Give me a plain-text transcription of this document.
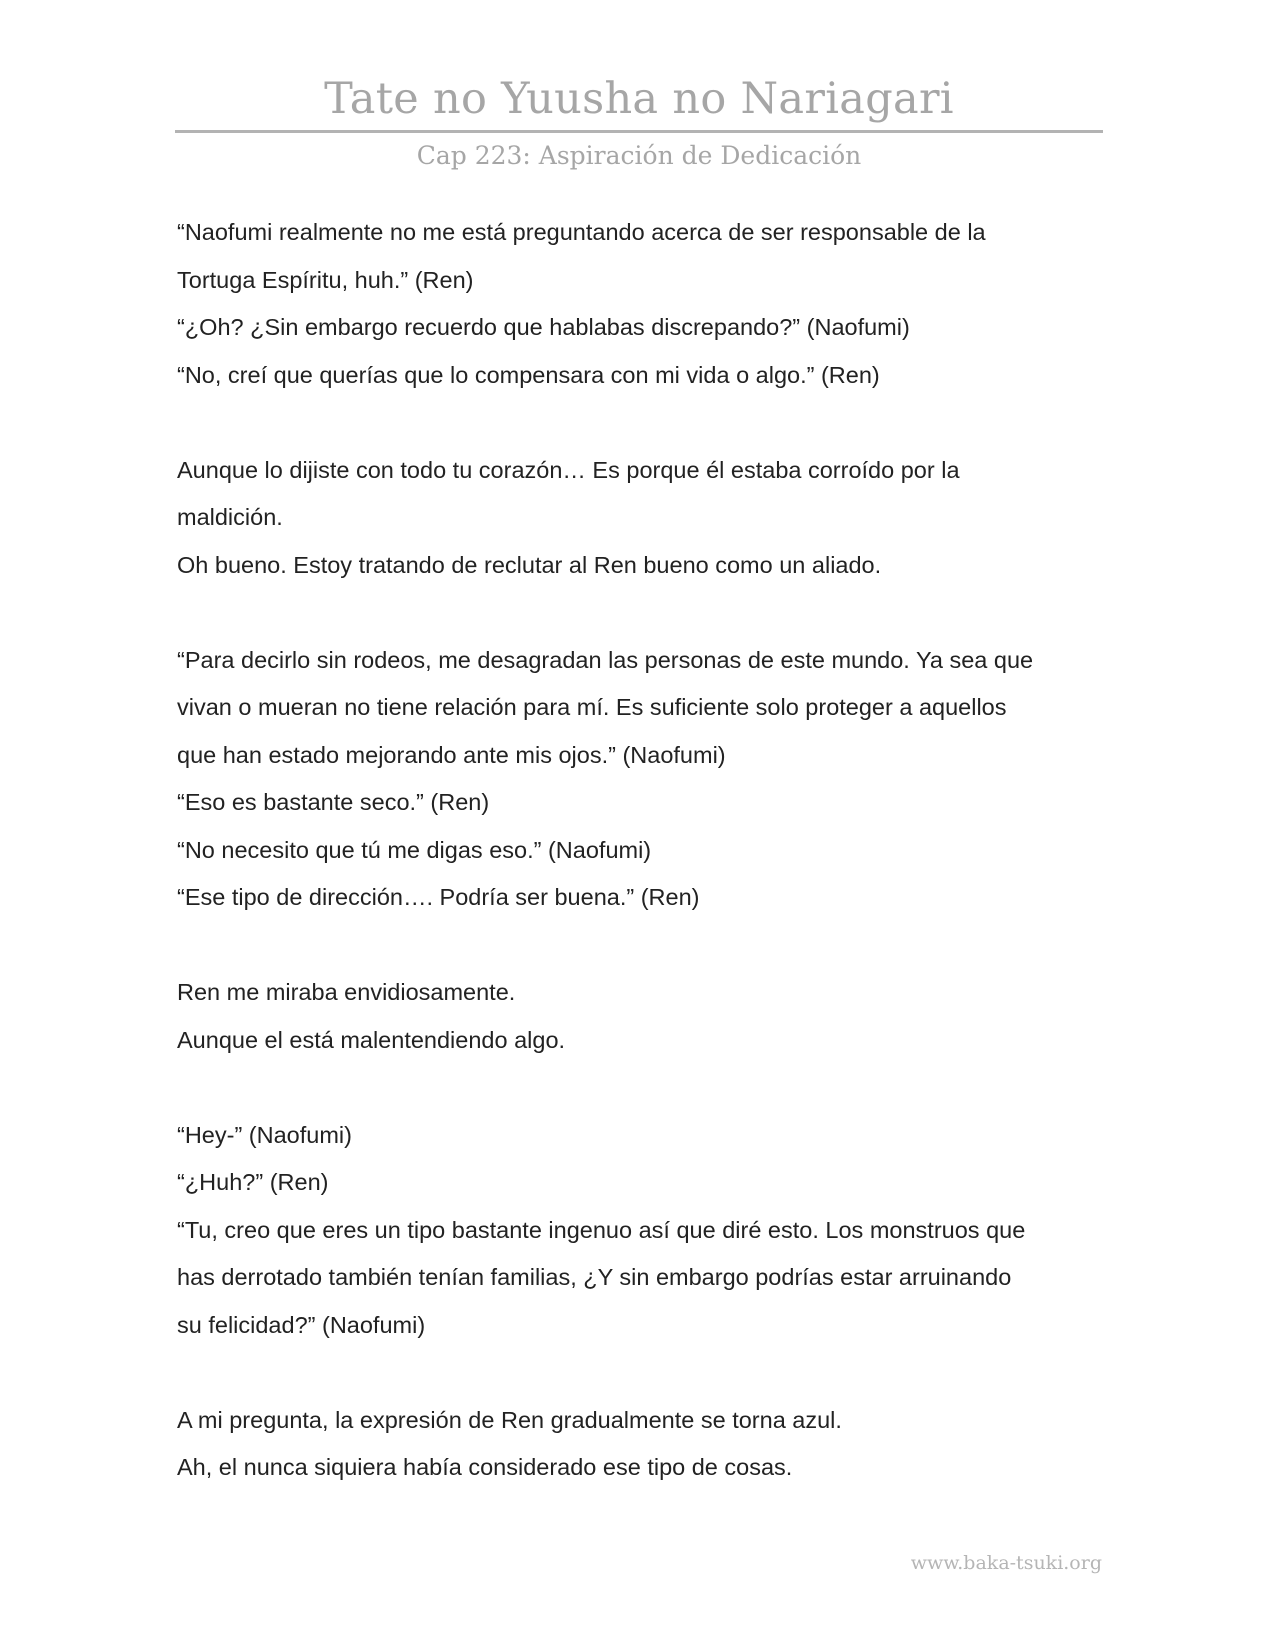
Tate no Yuusha no Nariagari
Cap 223: Aspiración de Dedicación
“Naofumi realmente no me está preguntando acerca de ser responsable de la
Tortuga Espíritu, huh.” (Ren)
“¿Oh? ¿Sin embargo recuerdo que hablabas discrepando?” (Naofumi)
“No, creí que querías que lo compensara con mi vida o algo.” (Ren)
Aunque lo dijiste con todo tu corazón… Es porque él estaba corroído por la
maldición.
Oh bueno. Estoy tratando de reclutar al Ren bueno como un aliado.
“Para decirlo sin rodeos, me desagradan las personas de este mundo. Ya sea que
vivan o mueran no tiene relación para mí. Es suficiente solo proteger a aquellos
que han estado mejorando ante mis ojos.” (Naofumi)
“Eso es bastante seco.” (Ren)
“No necesito que tú me digas eso.” (Naofumi)
“Ese tipo de dirección…. Podría ser buena.” (Ren)
Ren me miraba envidiosamente.
Aunque el está malentendiendo algo.
“Hey-” (Naofumi)
“¿Huh?” (Ren)
“Tu, creo que eres un tipo bastante ingenuo así que diré esto. Los monstruos que
has derrotado también tenían familias, ¿Y sin embargo podrías estar arruinando
su felicidad?” (Naofumi)
A mi pregunta, la expresión de Ren gradualmente se torna azul.
Ah, el nunca siquiera había considerado ese tipo de cosas.
www.baka-tsuki.org
